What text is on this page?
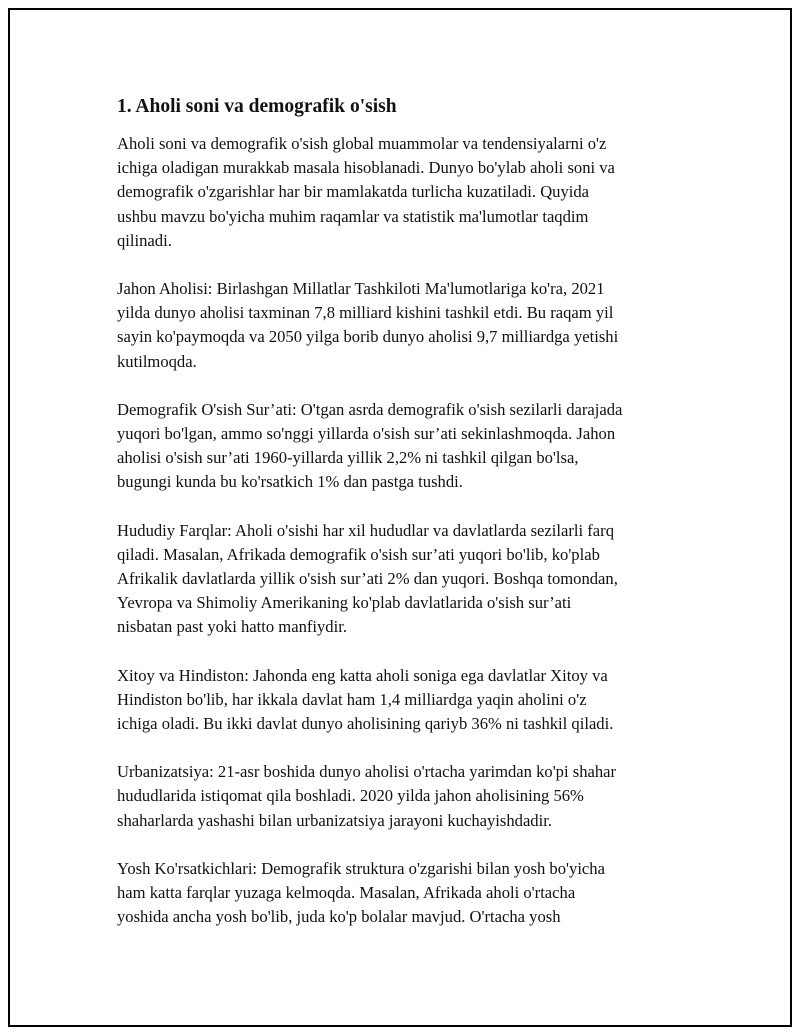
1. Aholi soni va demografik o'sish

Aholi soni va demografik o'sish global muammolar va tendensiyalarni o'z
ichiga oladigan murakkab masala hisoblanadi. Dunyo bo'ylab aholi soni va
demografik o'zgarishlar har bir mamlakatda turlicha kuzatiladi. Quyida
ushbu mavzu bo'yicha muhim raqamlar va statistik ma'lumotlar taqdim
qilinadi.

Jahon Aholisi: Birlashgan Millatlar Tashkiloti Ma'lumotlariga ko'ra, 2021
yilda dunyo aholisi taxminan 7,8 milliard kishini tashkil etdi. Bu raqam yil
sayin ko'paymoqda va 2050 yilga borib dunyo aholisi 9,7 milliardga yetishi
kutilmoqda.

Demografik O'sish Sur’ati: O'tgan asrda demografik o'sish sezilarli darajada
yuqori bo'lgan, ammo so'nggi yillarda o'sish sur’ati sekinlashmoqda. Jahon
aholisi o'sish sur’ati 1960-yillarda yillik 2,2% ni tashkil qilgan bo'lsa,
bugungi kunda bu ko'rsatkich 1% dan pastga tushdi.

Hududiy Farqlar: Aholi o'sishi har xil hududlar va davlatlarda sezilarli farq
qiladi. Masalan, Afrikada demografik o'sish sur’ati yuqori bo'lib, ko'plab
Afrikalik davlatlarda yillik o'sish sur’ati 2% dan yuqori. Boshqa tomondan,
Yevropa va Shimoliy Amerikaning ko'plab davlatlarida o'sish sur’ati
nisbatan past yoki hatto manfiydir.

Xitoy va Hindiston: Jahonda eng katta aholi soniga ega davlatlar Xitoy va
Hindiston bo'lib, har ikkala davlat ham 1,4 milliardga yaqin aholini o'z
ichiga oladi. Bu ikki davlat dunyo aholisining qariyb 36% ni tashkil qiladi.

Urbanizatsiya: 21-asr boshida dunyo aholisi o'rtacha yarimdan ko'pi shahar
hududlarida istiqomat qila boshladi. 2020 yilda jahon aholisining 56%
shaharlarda yashashi bilan urbanizatsiya jarayoni kuchayishdadir.

Yosh Ko'rsatkichlari: Demografik struktura o'zgarishi bilan yosh bo'yicha
ham katta farqlar yuzaga kelmoqda. Masalan, Afrikada aholi o'rtacha
yoshida ancha yosh bo'lib, juda ko'p bolalar mavjud. O'rtacha yosh
